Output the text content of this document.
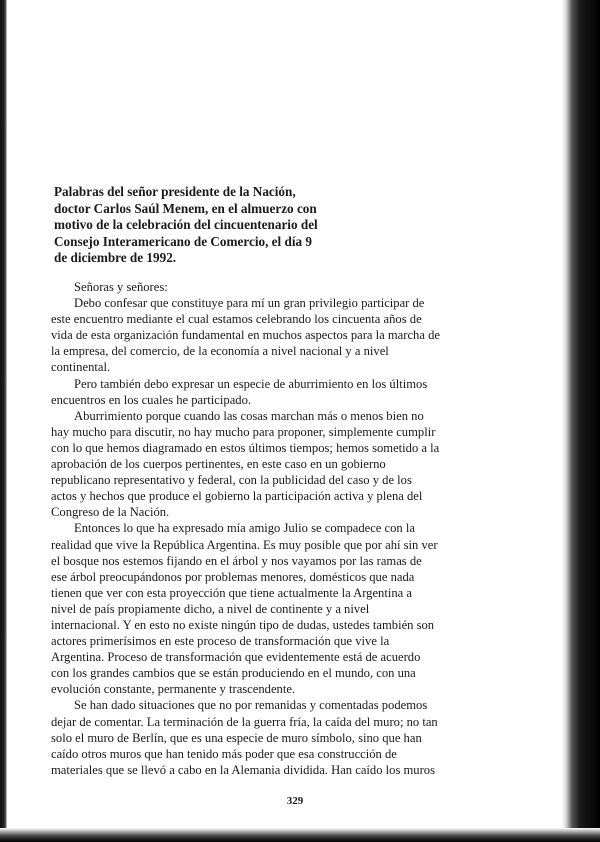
Palabras del señor presidente de la Nación,
doctor Carlos Saúl Menem, en el almuerzo con
motivo de la celebración del cincuentenario del
Consejo Interamericano de Comercio, el día 9
de diciembre de 1992.
Señoras y señores:
Debo confesar que constituye para mí un gran privilegio participar de
este encuentro mediante el cual estamos celebrando los cincuenta años de
vida de esta organización fundamental en muchos aspectos para la marcha de
la empresa, del comercio, de la economía a nivel nacional y a nivel
continental.
Pero también debo expresar un especie de aburrimiento en los últimos
encuentros en los cuales he participado.
Aburrimiento porque cuando las cosas marchan más o menos bien no
hay mucho para discutir, no hay mucho para proponer, simplemente cumplir
con lo que hemos diagramado en estos últimos tiempos; hemos sometido a la
aprobación de los cuerpos pertinentes, en este caso en un gobierno
republicano representativo y federal, con la publicidad del caso y de los
actos y hechos que produce el gobierno la participación activa y plena del
Congreso de la Nación.
Entonces lo que ha expresado mía amigo Julio se compadece con la
realidad que vive la República Argentina. Es muy posible que por ahí sin ver
el bosque nos estemos fijando en el árbol y nos vayamos por las ramas de
ese árbol preocupándonos por problemas menores, domésticos que nada
tienen que ver con esta proyección que tiene actualmente la Argentina a
nivel de país propiamente dicho, a nivel de continente y a nivel
internacional. Y en esto no existe ningún tipo de dudas, ustedes también son
actores primerísimos en este proceso de transformación que vive la
Argentina. Proceso de transformación que evidentemente está de acuerdo
con los grandes cambios que se están produciendo en el mundo, con una
evolución constante, permanente y trascendente.
Se han dado situaciones que no por remanidas y comentadas podemos
dejar de comentar. La terminación de la guerra fría, la caída del muro; no tan
solo el muro de Berlín, que es una especie de muro símbolo, sino que han
caído otros muros que han tenido más poder que esa construcción de
materiales que se llevó a cabo en la Alemania dividida. Han caído los muros
329
